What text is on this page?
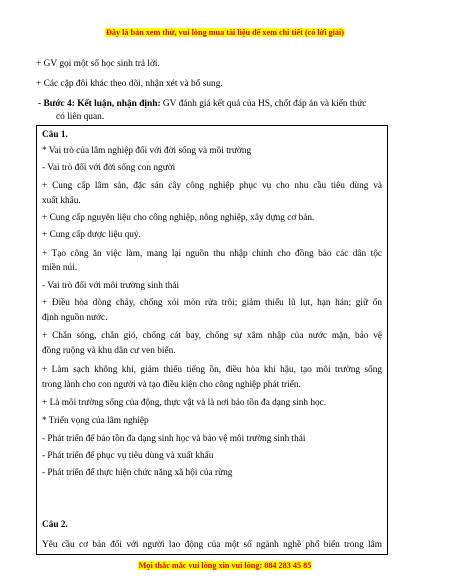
Đây là bản xem thử, vui lòng mua tài liệu để xem chi tiết (có lời giải)
+ GV gọi một số học sinh trả lời.
+ Các cặp đôi khác theo dõi, nhận xét và bổ sung.
- Bước 4: Kết luận, nhận định: GV đánh giá kết quả của HS, chốt đáp án và kiến thức
có liên quan.
Câu 1.
* Vai trò của lâm nghiệp đối với đời sống và môi trường
- Vai trò đối với đời sống con người
+ Cung cấp lâm sản, đặc sản cây công nghiệp phục vụ cho nhu cầu tiêu dùng và
xuất khẩu.
+ Cung cấp nguyên liệu cho công nghiệp, nông nghiệp, xây dựng cơ bản.
+ Cung cấp dược liệu quý.
+ Tạo công ăn việc làm, mang lại nguồn thu nhập chính cho đồng bào các dân tộc
miền núi.
- Vai trò đối với môi trường sinh thái
+ Điều hòa dòng chảy, chống xói mòn rửa trôi; giảm thiểu lũ lụt, hạn hán; giữ ổn
định nguồn nước.
+ Chắn sóng, chắn gió, chống cát bay, chống sự xâm nhập của nước mặn, bảo vệ
đồng ruộng và khu dân cư ven biển.
+ Làm sạch không khí, giảm thiếu tiếng ồn, điều hòa khí hậu, tạo môi trường sống
trong lành cho con người và tạo điều kiện cho công nghiệp phát triển.
+ Là môi trường sống của động, thực vật và là nơi bảo tồn đa dạng sinh học.
* Triển vọng của lâm nghiệp
- Phát triển để bảo tồn đa dạng sinh học và bảo vệ môi trường sinh thái
- Phát triển để phục vụ tiêu dùng và xuất khẩu
- Phát triển để thực hiện chức năng xã hội của rừng
Câu 2.
Yêu cầu cơ bản đối với người lao động của một số ngành nghề phổ biến trong lâm
Mọi thắc mắc vui lòng xin vui lòng: 084 283 45 85
